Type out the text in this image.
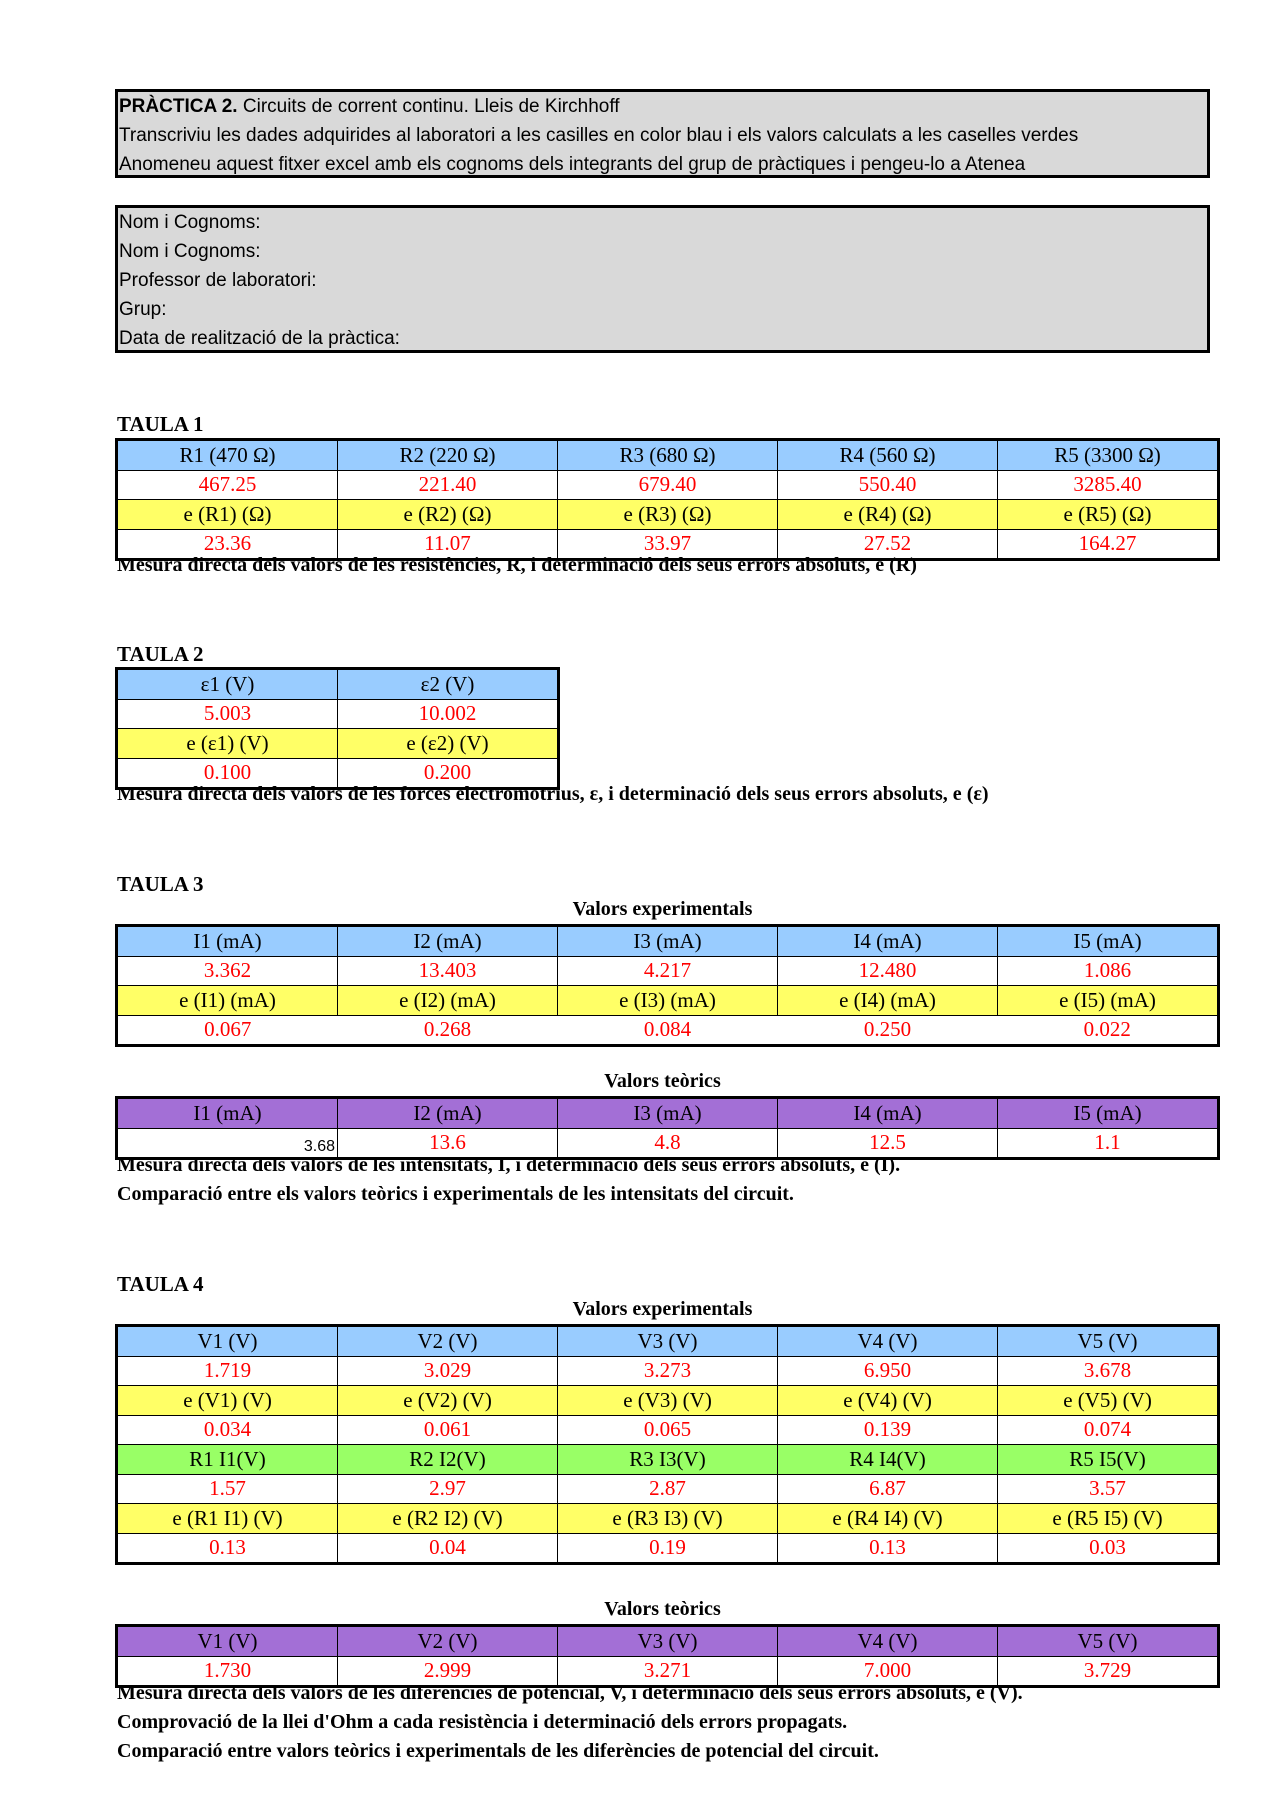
PRÀCTICA 2. Circuits de corrent continu. Lleis de Kirchhoff
Transcriviu les dades adquirides al laboratori a les casilles en color blau i els valors calculats a les caselles verdes
Anomeneu aquest fitxer excel amb els cognoms dels integrants del grup de pràctiques i pengeu-lo a Atenea
Nom i Cognoms:
Nom i Cognoms:
Professor de laboratori:
Grup:
Data de realització de la pràctica:
TAULA 1
R1 (470 Ω)	R2 (220 Ω)	R3 (680 Ω)	R4 (560 Ω)	R5 (3300 Ω)
467.25	221.40	679.40	550.40	3285.40
e (R1) (Ω)	e (R2) (Ω)	e (R3) (Ω)	e (R4) (Ω)	e (R5) (Ω)
23.36	11.07	33.97	27.52	164.27
Mesura directa dels valors de les resistències, R, i determinació dels seus errors absoluts, e (R)
TAULA 2
ε1 (V)	ε2 (V)
5.003	10.002
e (ε1) (V)	e (ε2) (V)
0.100	0.200
Mesura directa dels valors de les forces electromotrius, ε, i determinació dels seus errors absoluts, e (ε)
TAULA 3
Valors experimentals
I1 (mA)	I2 (mA)	I3 (mA)	I4 (mA)	I5 (mA)
3.362	13.403	4.217	12.480	1.086
e (I1) (mA)	e (I2) (mA)	e (I3) (mA)	e (I4) (mA)	e (I5) (mA)
0.067	0.268	0.084	0.250	0.022
Valors teòrics
I1 (mA)	I2 (mA)	I3 (mA)	I4 (mA)	I5 (mA)
3.68	13.6	4.8	12.5	1.1
Mesura directa dels valors de les intensitats, I, i determinació dels seus errors absoluts, e (I).
Comparació entre els valors teòrics i experimentals de les intensitats del circuit.
TAULA 4
Valors experimentals
V1 (V)	V2 (V)	V3 (V)	V4 (V)	V5 (V)
1.719	3.029	3.273	6.950	3.678
e (V1) (V)	e (V2) (V)	e (V3) (V)	e (V4) (V)	e (V5) (V)
0.034	0.061	0.065	0.139	0.074
R1 I1(V)	R2 I2(V)	R3 I3(V)	R4 I4(V)	R5 I5(V)
1.57	2.97	2.87	6.87	3.57
e (R1 I1) (V)	e (R2 I2) (V)	e (R3 I3) (V)	e (R4 I4) (V)	e (R5 I5) (V)
0.13	0.04	0.19	0.13	0.03
Valors teòrics
V1 (V)	V2 (V)	V3 (V)	V4 (V)	V5 (V)
1.730	2.999	3.271	7.000	3.729
Mesura directa dels valors de les diferències de potencial, V, i determinació dels seus errors absoluts, e (V).
Comprovació de la llei d'Ohm a cada resistència i determinació dels errors propagats.
Comparació entre valors teòrics i experimentals de les diferències de potencial del circuit.
